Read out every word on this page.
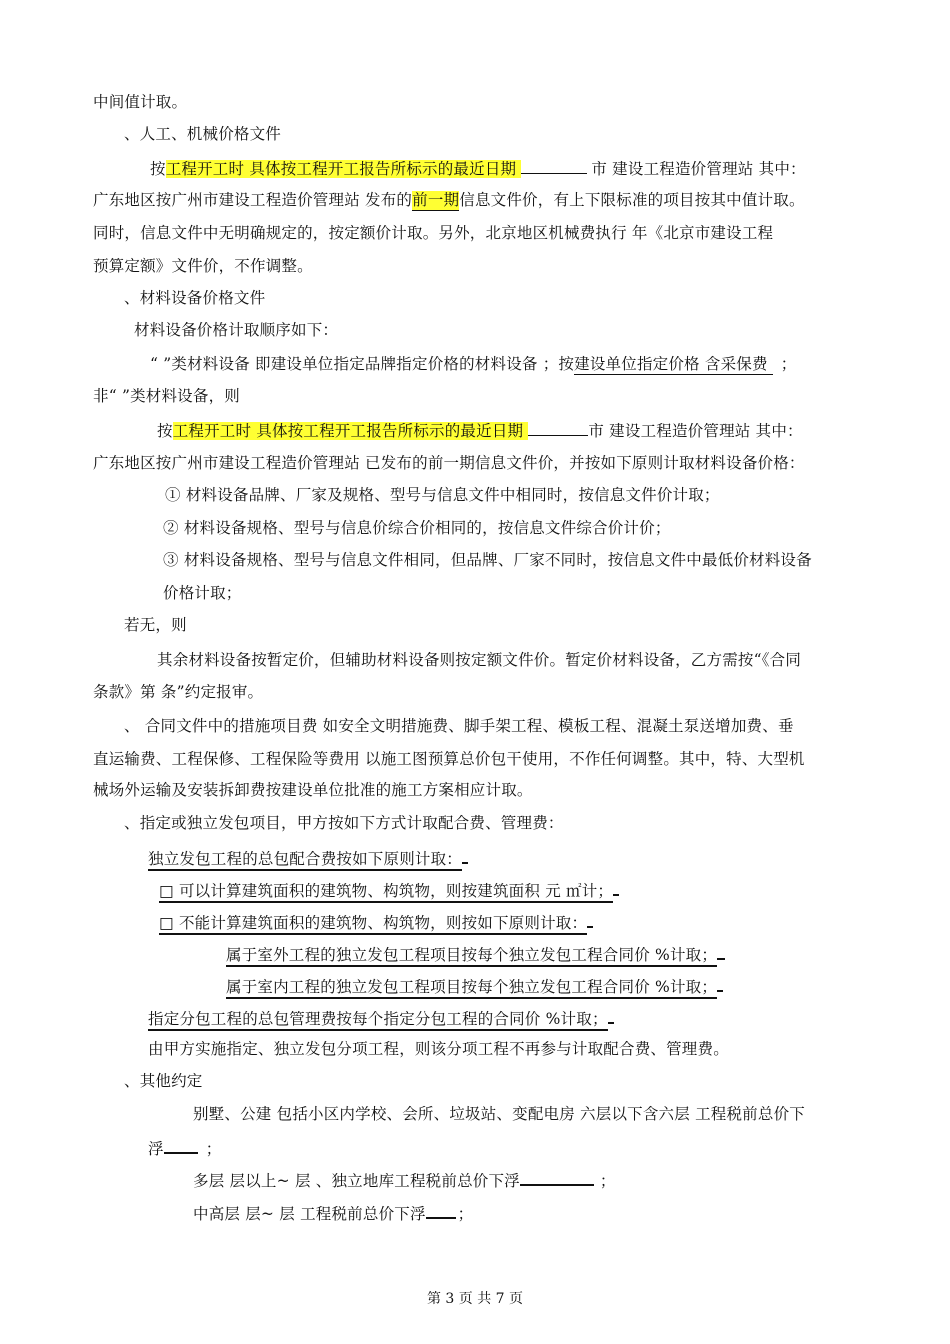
中间值计取。
、人工、机械价格文件
按工程开工时 具体按工程开工报告所标示的最近日期	市 建设工程造价管理站 其中：
广东地区按广州市建设工程造价管理站 发布的前一期信息文件价，有上下限标准的项目按其中值计取。
同时，信息文件中无明确规定的，按定额价计取。另外，北京地区机械费执行 年《北京市建设工程
预算定额》文件价，不作调整。
、材料设备价格文件
材料设备价格计取顺序如下：
“ ”类材料设备 即建设单位指定品牌指定价格的材料设备 ；按建设单位指定价格 含采保费 ；
非“ ”类材料设备，则
按工程开工时 具体按工程开工报告所标示的最近日期	市 建设工程造价管理站 其中：
广东地区按广州市建设工程造价管理站 已发布的前一期信息文件价，并按如下原则计取材料设备价格：
① 材料设备品牌、厂家及规格、型号与信息文件中相同时，按信息文件价计取；
② 材料设备规格、型号与信息价综合价相同的，按信息文件综合价计价；
③ 材料设备规格、型号与信息文件相同，但品牌、厂家不同时，按信息文件中最低价材料设备
价格计取；
若无，则
其余材料设备按暂定价，但辅助材料设备则按定额文件价。暂定价材料设备，乙方需按“《合同
条款》第 条”约定报审。
、 合同文件中的措施项目费 如安全文明措施费、脚手架工程、模板工程、混凝土泵送增加费、垂
直运输费、工程保修、工程保险等费用 以施工图预算总价包干使用，不作任何调整。其中，特、大型机
械场外运输及安装拆卸费按建设单位批准的施工方案相应计取。
、指定或独立发包项目，甲方按如下方式计取配合费、管理费：
独立发包工程的总包配合费按如下原则计取：
□ 可以计算建筑面积的建筑物、构筑物，则按建筑面积 元 ㎡计；
□ 不能计算建筑面积的建筑物、构筑物，则按如下原则计取：
属于室外工程的独立发包工程项目按每个独立发包工程合同价 %计取；
属于室内工程的独立发包工程项目按每个独立发包工程合同价 %计取；
指定分包工程的总包管理费按每个指定分包工程的合同价 %计取；
由甲方实施指定、独立发包分项工程，则该分项工程不再参与计取配合费、管理费。
、其他约定
别墅、公建 包括小区内学校、会所、垃圾站、变配电房 六层以下含六层 工程税前总价下
浮	；
多层 层以上~ 层 、独立地库工程税前总价下浮	；
中高层 层~ 层 工程税前总价下浮 ；
第 3 页 共 7 页
